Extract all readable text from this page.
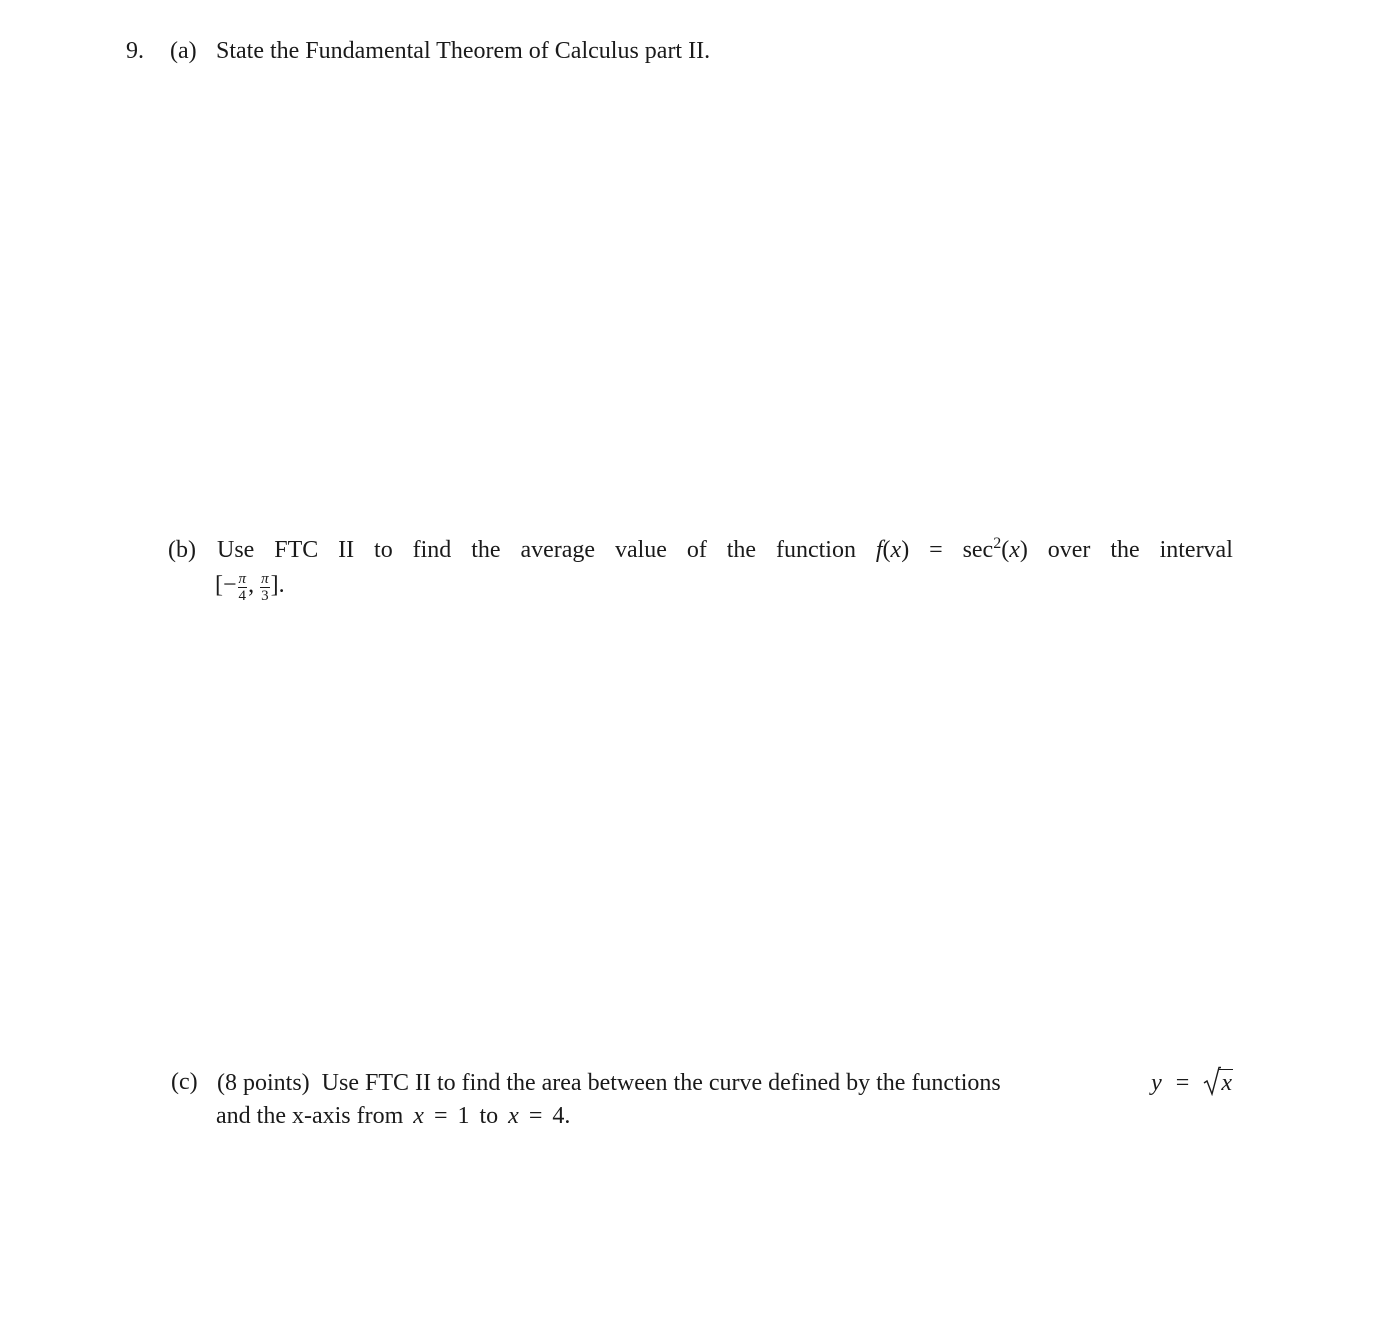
9. (a) State the Fundamental Theorem of Calculus part II.
(b) Use FTC II to find the average value of the function $f(x) = \sec^2(x)$ over the interval
[− $\frac{\pi}{4}$ , $\frac{\pi}{3}$ ].
(c) (8 points)  Use FTC II to find the area between the curve defined by the functions	y = x
and the x-axis from x = 1 to x = 4.
